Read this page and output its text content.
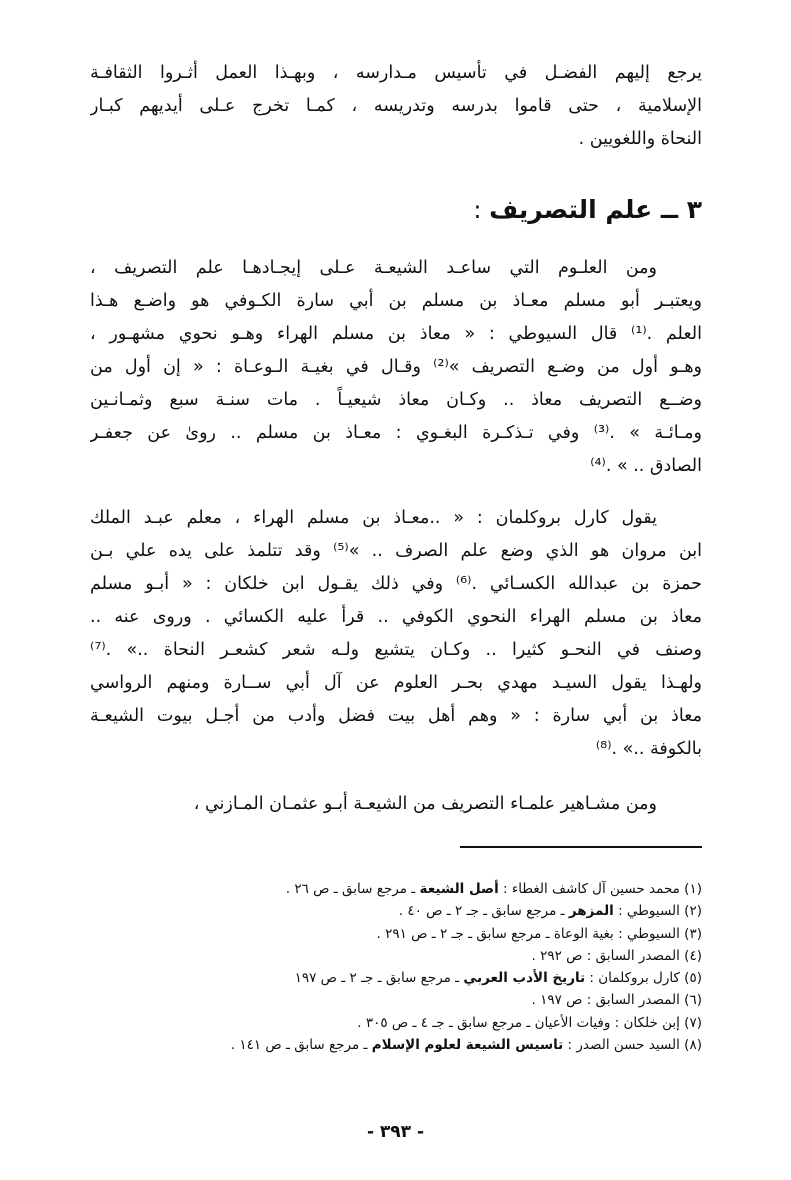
يرجع إليهم الفضـل في تأسيس مـدارسه ، وبهـذا العمل أثـروا الثقافـة
الإسلامية ، حتى قاموا بدرسه وتدريسه ، كمـا تخرج عـلى أيديهم كبـار
النحاة واللغويين .
٣ ــ علم التصريف :
ومن العلـوم التي ساعـد الشيعـة عـلى إيجـادهـا علم التصريف ،
ويعتبـر أبو مسلم معـاذ بن مسلم بن أبي سارة الكـوفي هو واضـع هـذا
العلم .⁽¹⁾ قال السيوطي : « معاذ بن مسلم الهراء وهـو نحوي مشهـور ،
وهـو أول من وضـع التصريف »⁽²⁾ وقـال في بغيـة الـوعـاة : « إن أول من
وضــع التصريف معاذ .. وكـان معاذ شيعيـاً . مات سنـة سبع وثمـانـين
ومـائـة » .⁽³⁾ وفي تـذكـرة البغـوي : معـاذ بن مسلم .. روىٰ عن جعفـر
الصادق .. » .⁽⁴⁾
يقول كارل بروكلمان : « ..معـاذ بن مسلم الهراء ، معلم عبـد الملك
ابن مروان هو الذي وضع علم الصرف .. »⁽⁵⁾ وقد تتلمذ على يده علي بـن
حمزة بن عبدالله الكسـائي .⁽⁶⁾ وفي ذلك يقـول ابن خلكان : « أبـو مسلم
معاذ بن مسلم الهراء النحوي الكوفي .. قرأ عليه الكسائي . وروى عنه ..
وصنف في النحـو كثيرا .. وكـان يتشيع ولـه شعر كشعـر النحاة ..» .⁽⁷⁾
ولهـذا يقول السيـد مهدي بحـر العلوم عن آل أبي ســارة ومنهم الرواسي
معاذ بن أبي سارة : « وهم أهل بيت فضل وأدب من أجـل بيوت الشيعـة
بالكوفة ..» .⁽⁸⁾
ومن مشـاهير علمـاء التصريف من الشيعـة أبـو عثمـان المـازني ،
(١) محمد حسين آل كاشف الغطاء : أصل الشيعة ـ مرجع سابق ـ ص ٢٦ .
(٢) السيوطي : المزهر ـ مرجع سابق ـ جـ ٢ ـ ص ٤٠ .
(٣) السيوطي : بغية الوعاة ـ مرجع سابق ـ جـ ٢ ـ ص ٢٩١ .
(٤) المصدر السابق : ص ٢٩٢ .
(٥) كارل بروكلمان : تاريخ الأدب العربي ـ مرجع سابق ـ جـ ٢ ـ ص ١٩٧
(٦) المصدر السابق : ص ١٩٧ .
(٧) إبن خلكان : وفيات الأعيان ـ مرجع سابق ـ جـ ٤ ـ ص ٣٠٥ .
(٨) السيد حسن الصدر : تاسيس الشيعة لعلوم الإسلام ـ مرجع سابق ـ ص ١٤١ .
- ٣٩٣ -
